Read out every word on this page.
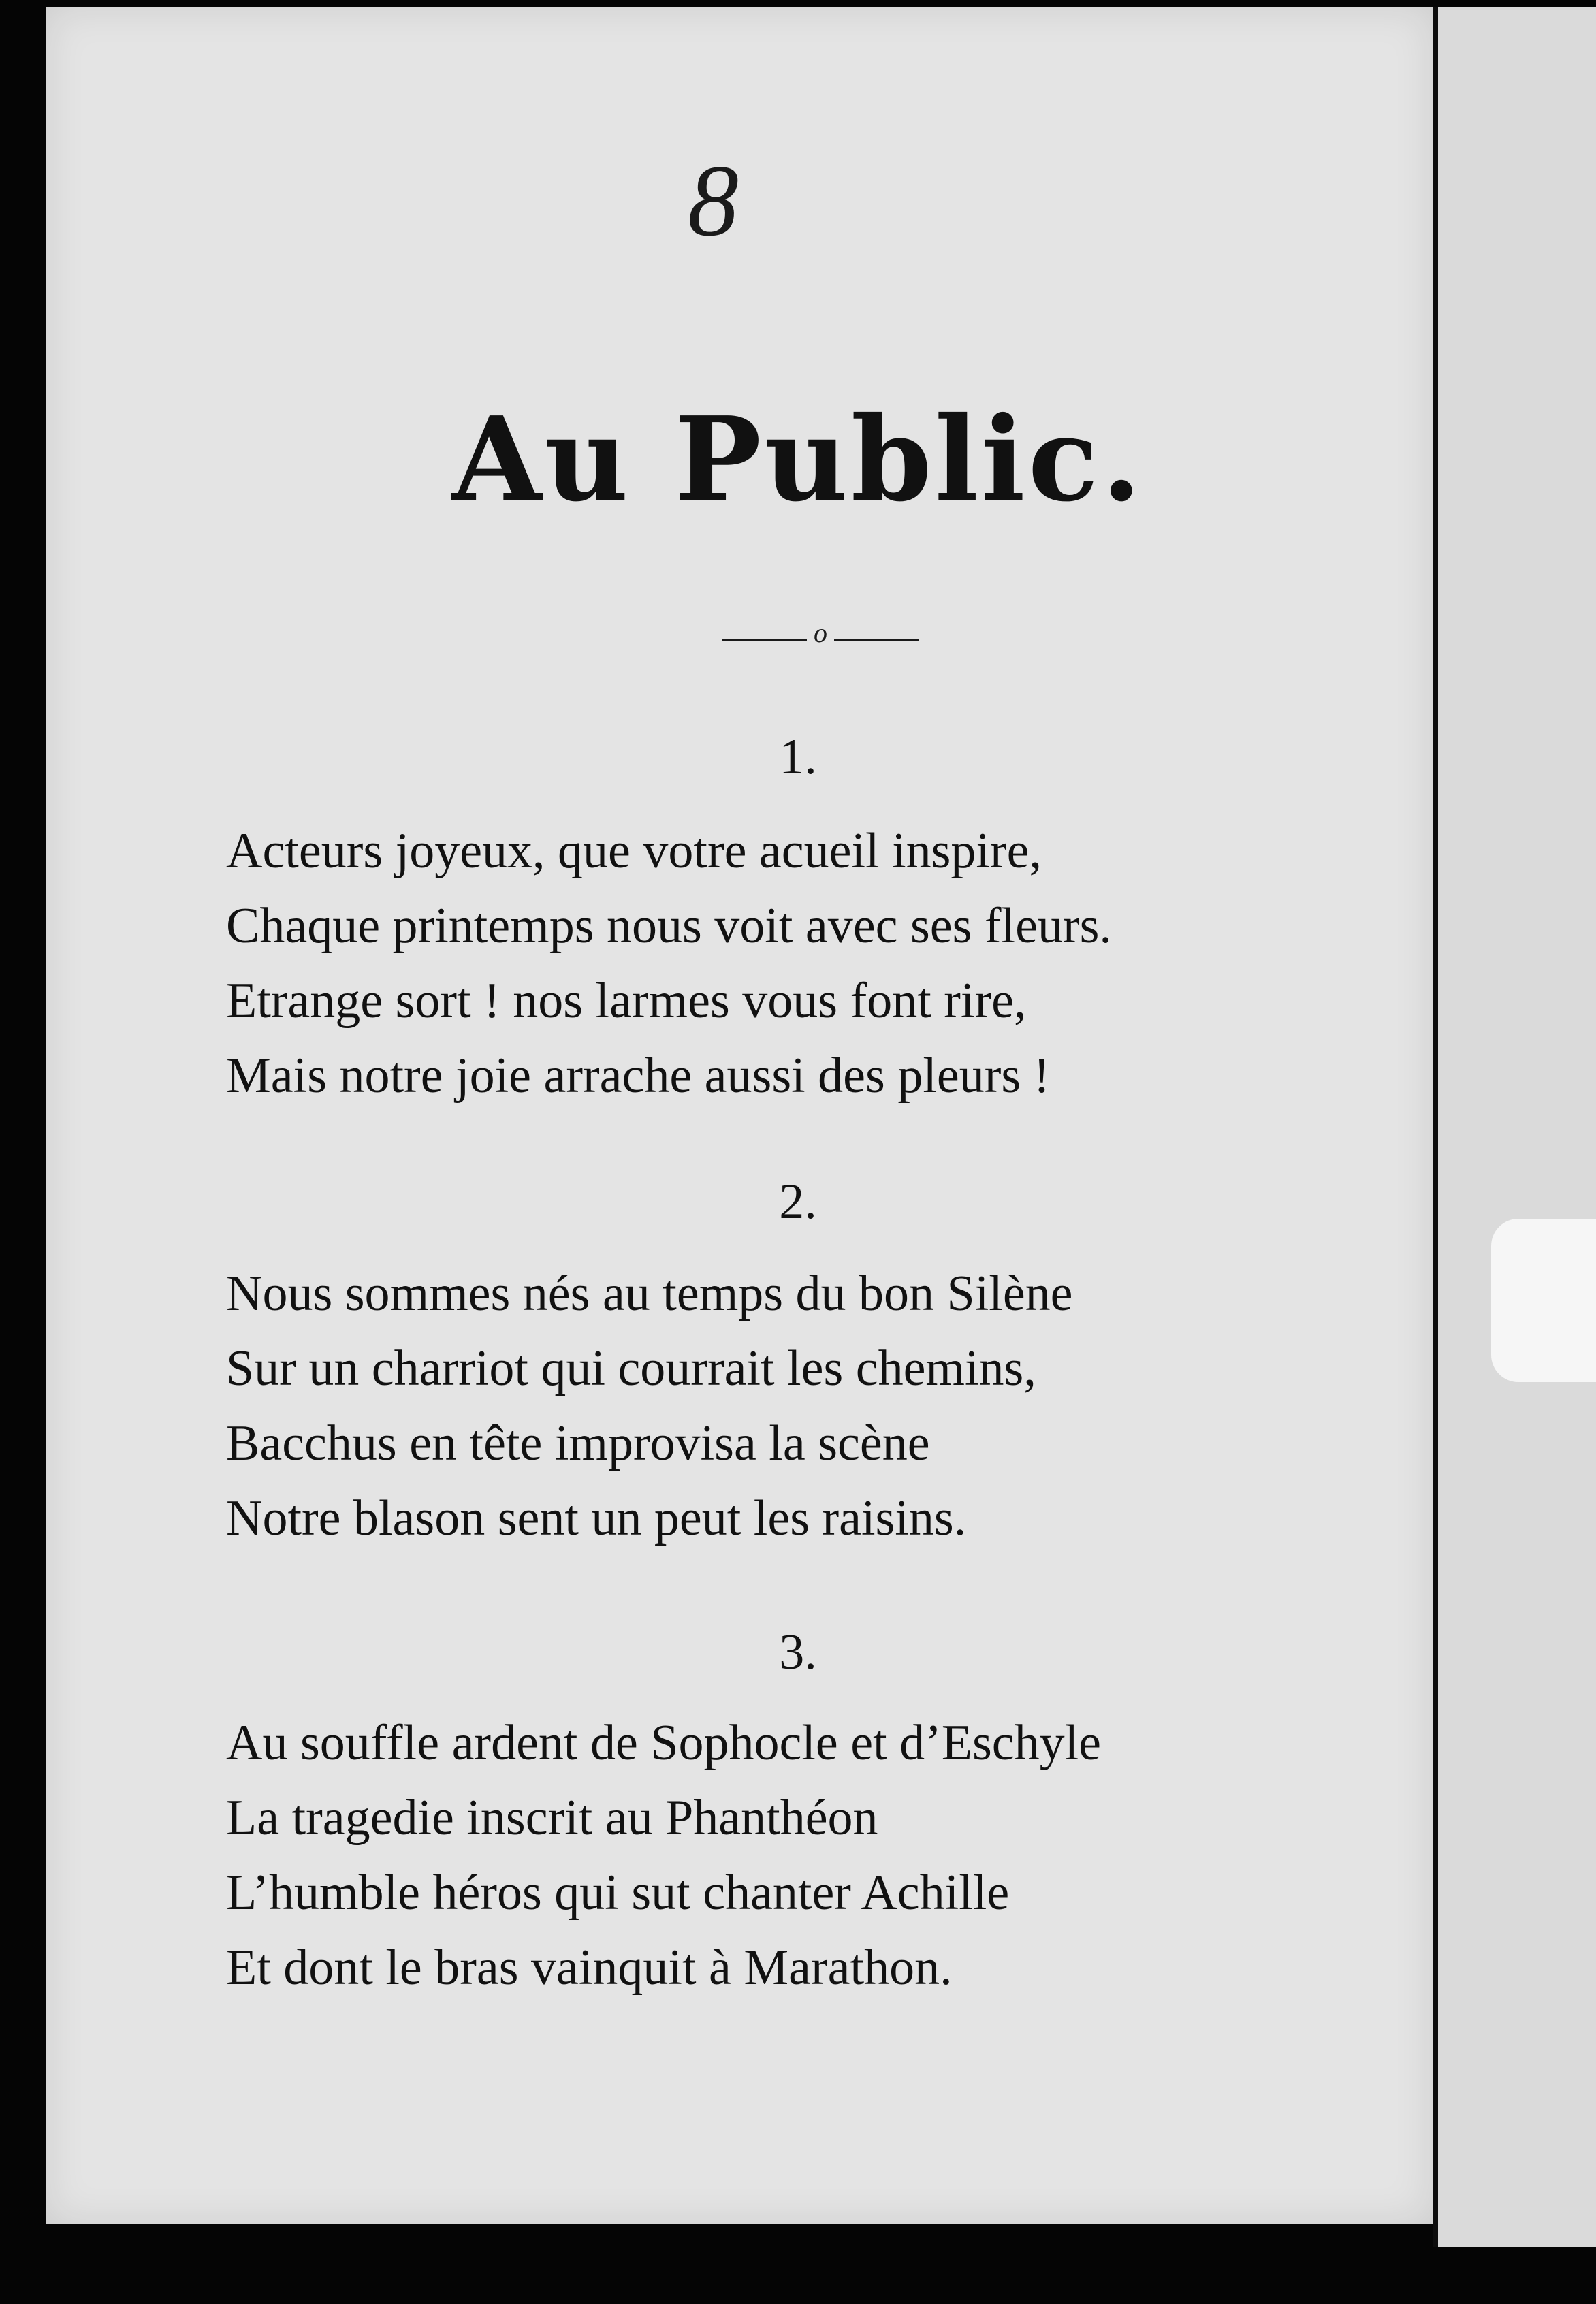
8
Au Public.
o
1.
Acteurs joyeux, que votre acueil inspire,
Chaque printemps nous voit avec ses fleurs.
Etrange sort ! nos larmes vous font rire,
Mais notre joie arrache aussi des pleurs !
2.
Nous sommes nés au temps du bon Silène
Sur un charriot qui courrait les chemins,
Bacchus en tête improvisa la scène
Notre blason sent un peut les raisins.
3.
Au souffle ardent de Sophocle et d’Eschyle
La tragedie inscrit au Phanthéon
L’humble héros qui sut chanter Achille
Et dont le bras vainquit à Marathon.
